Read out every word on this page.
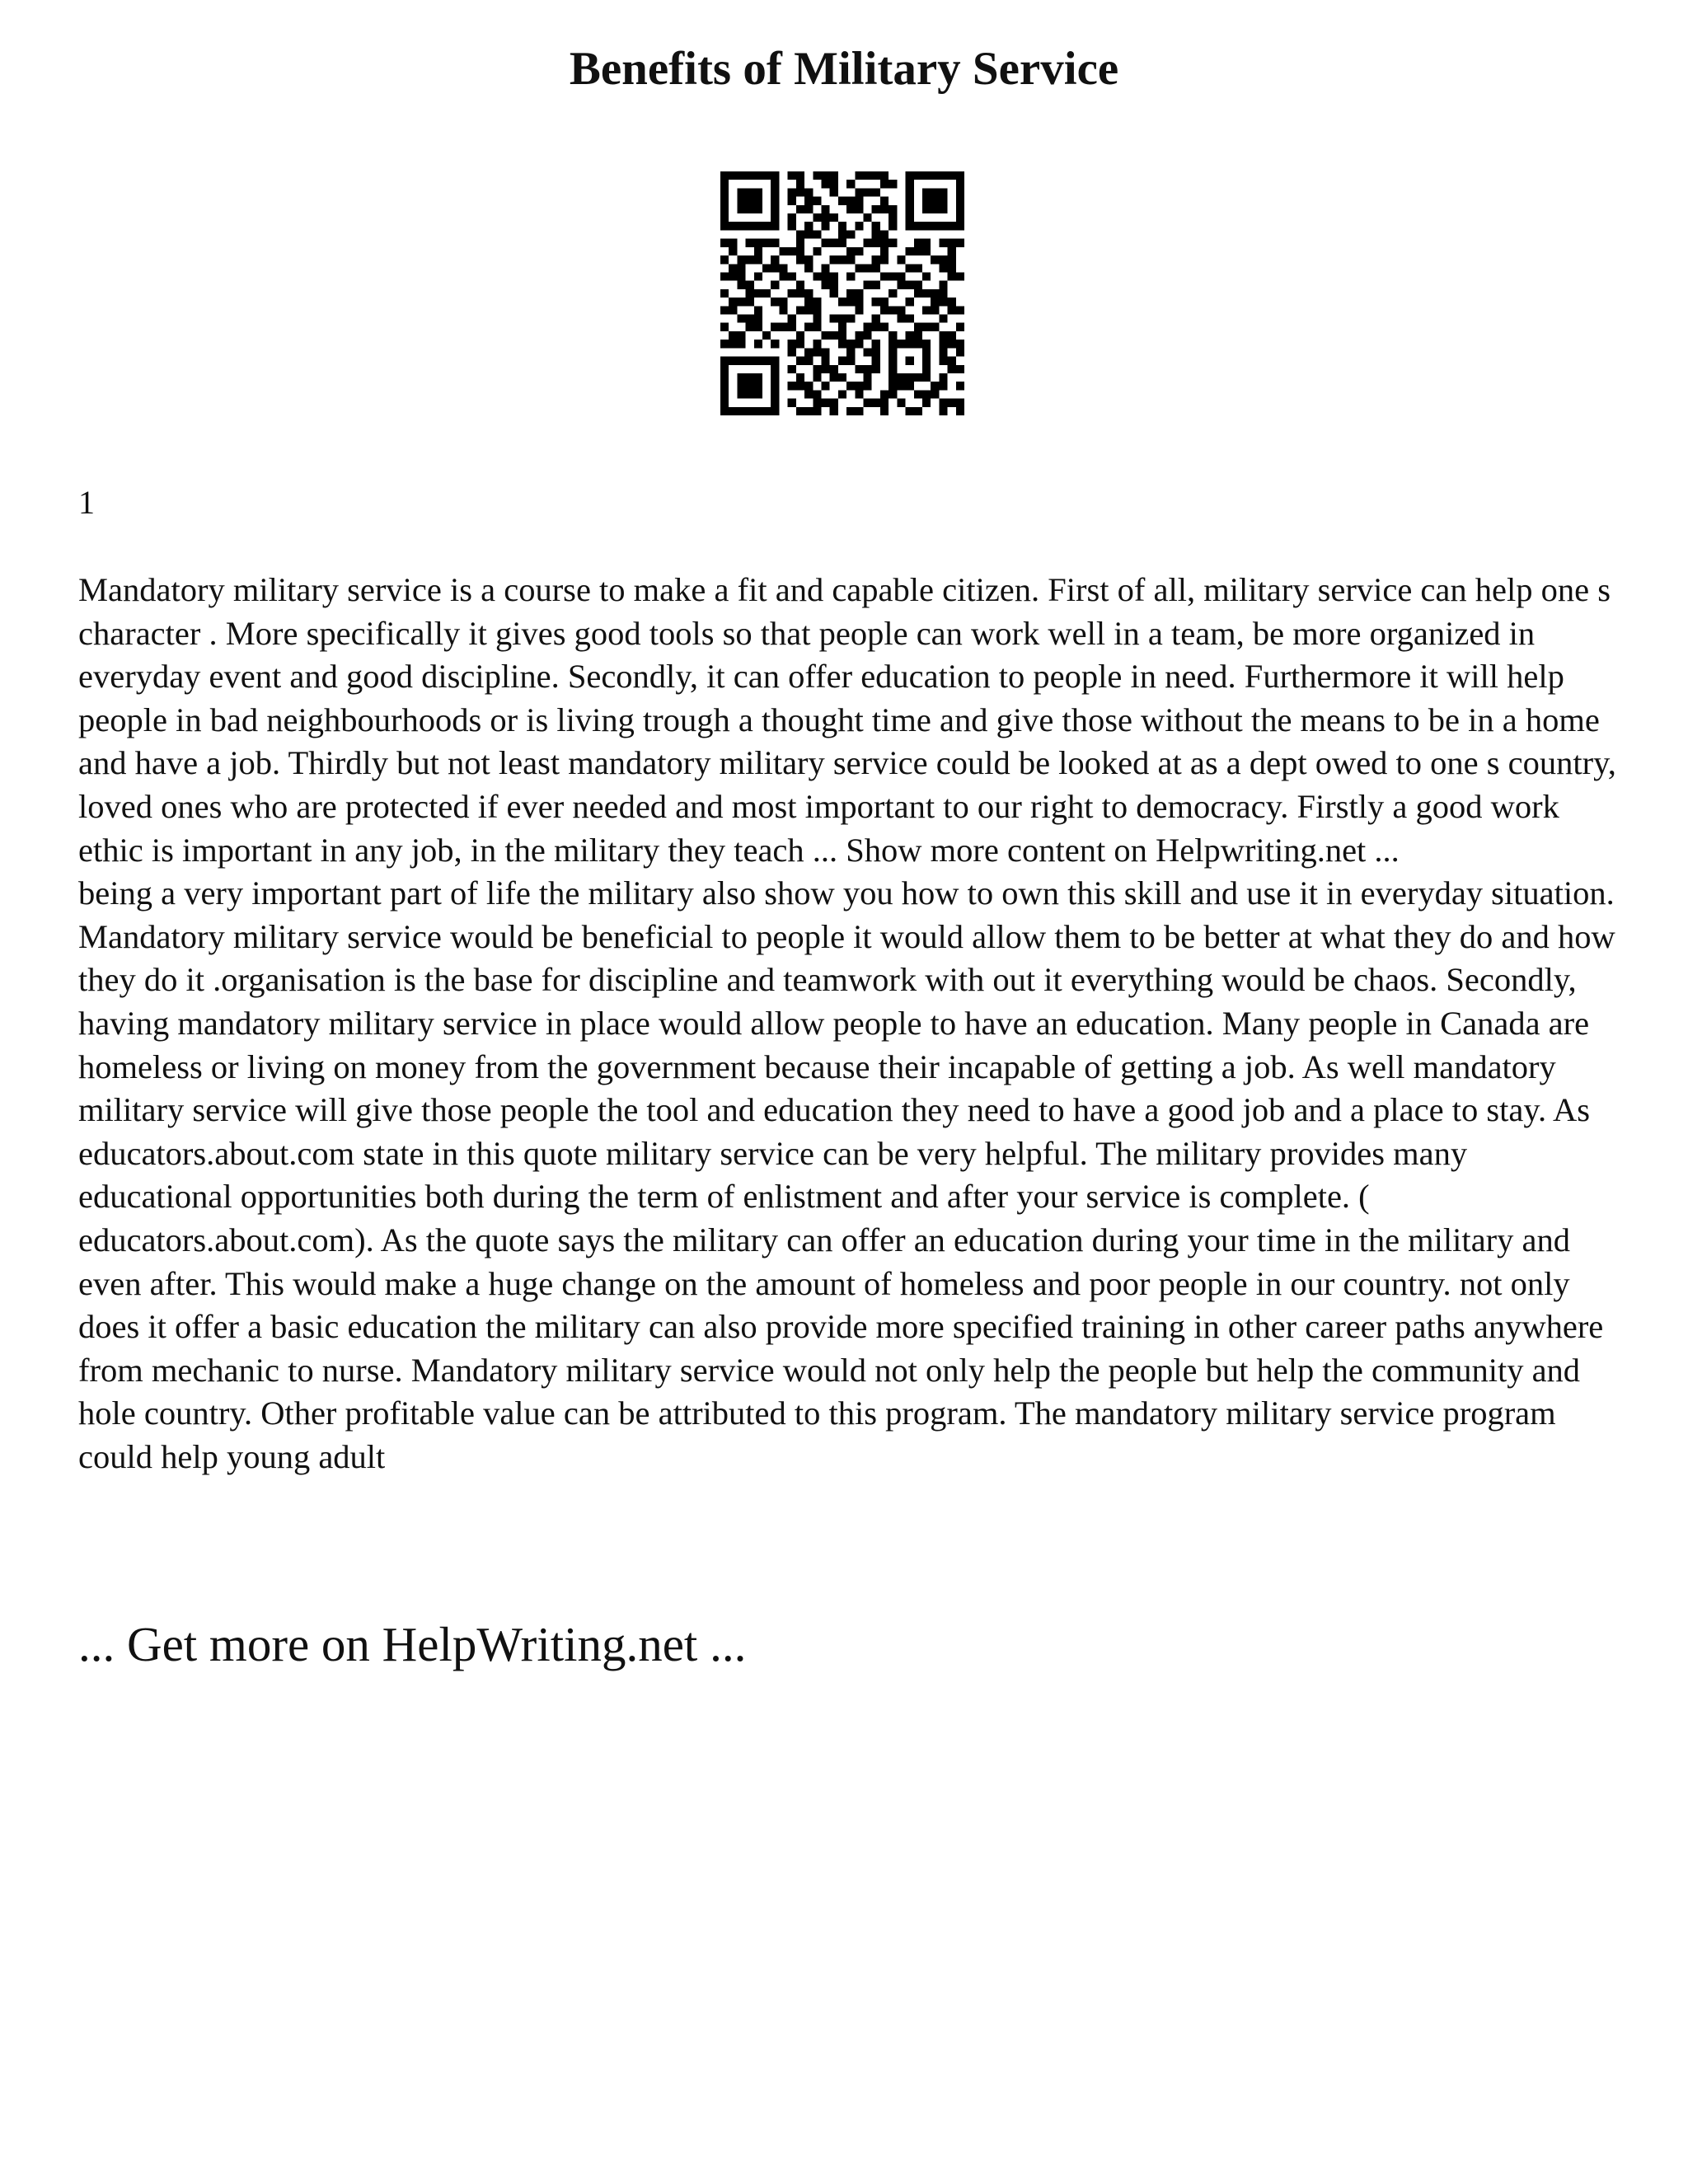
Benefits of Military Service
1

Mandatory military service is a course to make a fit and capable citizen. First of all, military service can help one s character . More specifically it gives good tools so that people can work well in a team, be more organized in everyday event and good discipline. Secondly, it can offer education to people in need. Furthermore it will help people in bad neighbourhoods or is living trough a thought time and give those without the means to be in a home and have a job. Thirdly but not least mandatory military service could be looked at as a dept owed to one s country, loved ones who are protected if ever needed and most important to our right to democracy. Firstly a good work ethic is important in any job, in the military they teach ... Show more content on Helpwriting.net ...

being a very important part of life the military also show you how to own this skill and use it in everyday situation. Mandatory military service would be beneficial to people it would allow them to be better at what they do and how they do it .organisation is the base for discipline and teamwork with out it everything would be chaos. Secondly, having mandatory military service in place would allow people to have an education. Many people in Canada are homeless or living on money from the government because their incapable of getting a job. As well mandatory military service will give those people the tool and education they need to have a good job and a place to stay. As educators.about.com state in this quote military service can be very helpful. The military provides many educational opportunities both during the term of enlistment and after your service is complete. ( educators.about.com). As the quote says the military can offer an education during your time in the military and even after. This would make a huge change on the amount of homeless and poor people in our country. not only does it offer a basic education the military can also provide more specified training in other career paths anywhere from mechanic to nurse. Mandatory military service would not only help the people but help the community and hole country. Other profitable value can be attributed to this program. The mandatory military service program could help young adult

... Get more on HelpWriting.net ...
